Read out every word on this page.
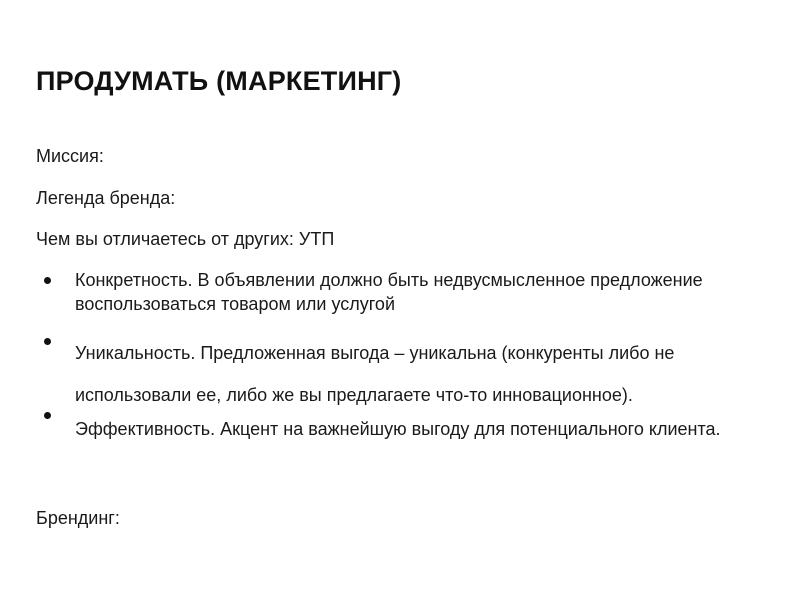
ПРОДУМАТЬ (МАРКЕТИНГ)

Миссия:

Легенда бренда:

Чем вы отличаетесь от других: УТП

Конкретность. В объявлении должно быть недвусмысленное предложение воспользоваться товаром или услугой
Уникальность. Предложенная выгода – уникальна (конкуренты либо не использовали ее, либо же вы предлагаете что-то инновационное).
Эффективность. Акцент на важнейшую выгоду для потенциального клиента.

Брендинг:
